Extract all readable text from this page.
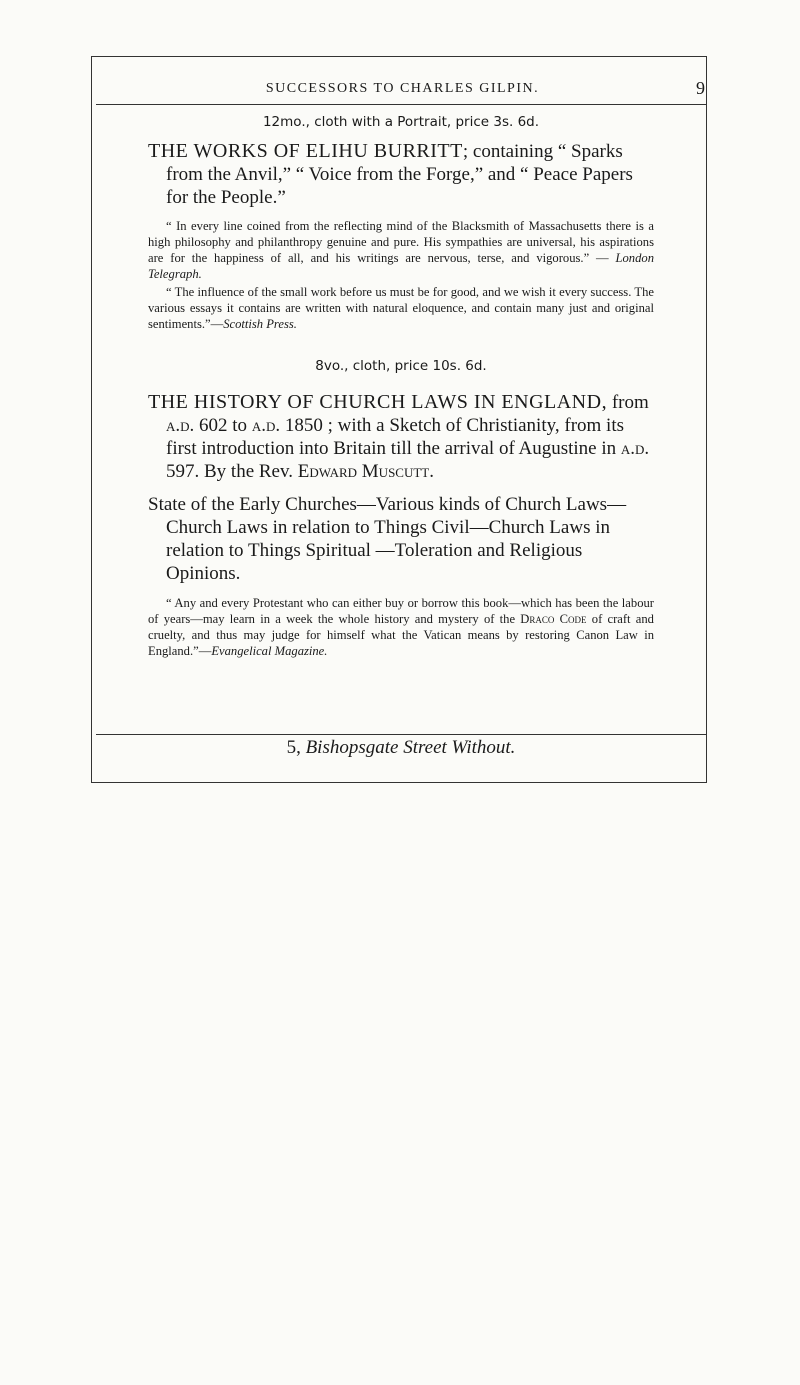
SUCCESSORS TO CHARLES GILPIN.	9

12mo., cloth with a Portrait, price 3s. 6d.

THE WORKS OF ELIHU BURRITT; containing “ Sparks from the Anvil,” “ Voice from the Forge,” and “ Peace Papers for the People.”

“ In every line coined from the reflecting mind of the Blacksmith of Massachusetts there is a high philosophy and philanthropy genuine and pure. His sympathies are universal, his aspirations are for the happiness of all, and his writings are nervous, terse, and vigorous.” — London Telegraph.

“ The influence of the small work before us must be for good, and we wish it every success. The various essays it contains are written with natural eloquence, and contain many just and original sentiments.”—Scottish Press.

8vo., cloth, price 10s. 6d.

THE HISTORY OF CHURCH LAWS IN ENGLAND, from a.d. 602 to a.d. 1850 ; with a Sketch of Christianity, from its first introduction into Britain till the arrival of Augustine in a.d. 597. By the Rev. Edward Muscutt.

State of the Early Churches—Various kinds of Church Laws—Church Laws in relation to Things Civil—Church Laws in relation to Things Spiritual —Toleration and Religious Opinions.

“ Any and every Protestant who can either buy or borrow this book—which has been the labour of years—may learn in a week the whole history and mystery of the Draco Code of craft and cruelty, and thus may judge for himself what the Vatican means by restoring Canon Law in England.”—Evangelical Magazine.

5, Bishopsgate Street Without.
